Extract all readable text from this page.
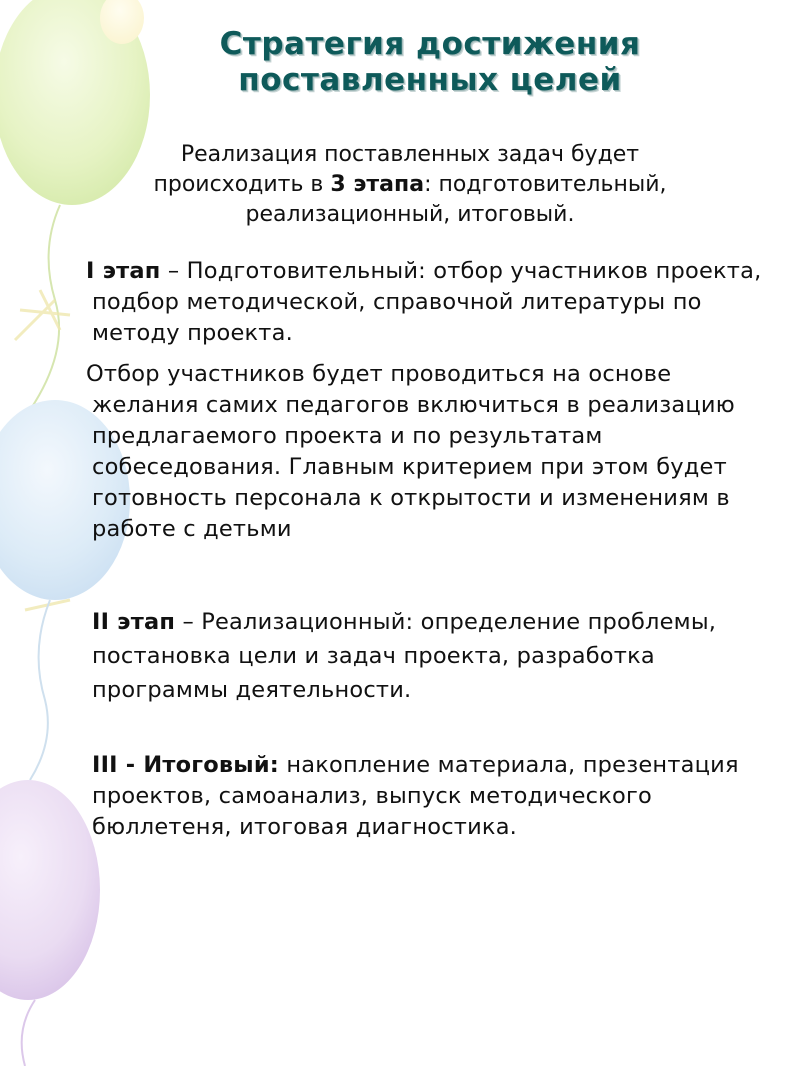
Стратегия достижения
поставленных целей

Реализация поставленных задач будет происходить в 3 этапа: подготовительный, реализационный, итоговый.

I этап – Подготовительный: отбор участников проекта, подбор методической, справочной литературы по методу проекта.

Отбор участников будет проводиться на основе желания самих педагогов включиться в реализацию предлагаемого проекта и по результатам собеседования. Главным критерием при этом будет готовность персонала к открытости и изменениям в работе с детьми

II этап – Реализационный: определение проблемы, постановка цели и задач проекта, разработка программы деятельности.

III - Итоговый: накопление материала, презентация проектов, самоанализ, выпуск методического бюллетеня, итоговая диагностика.
